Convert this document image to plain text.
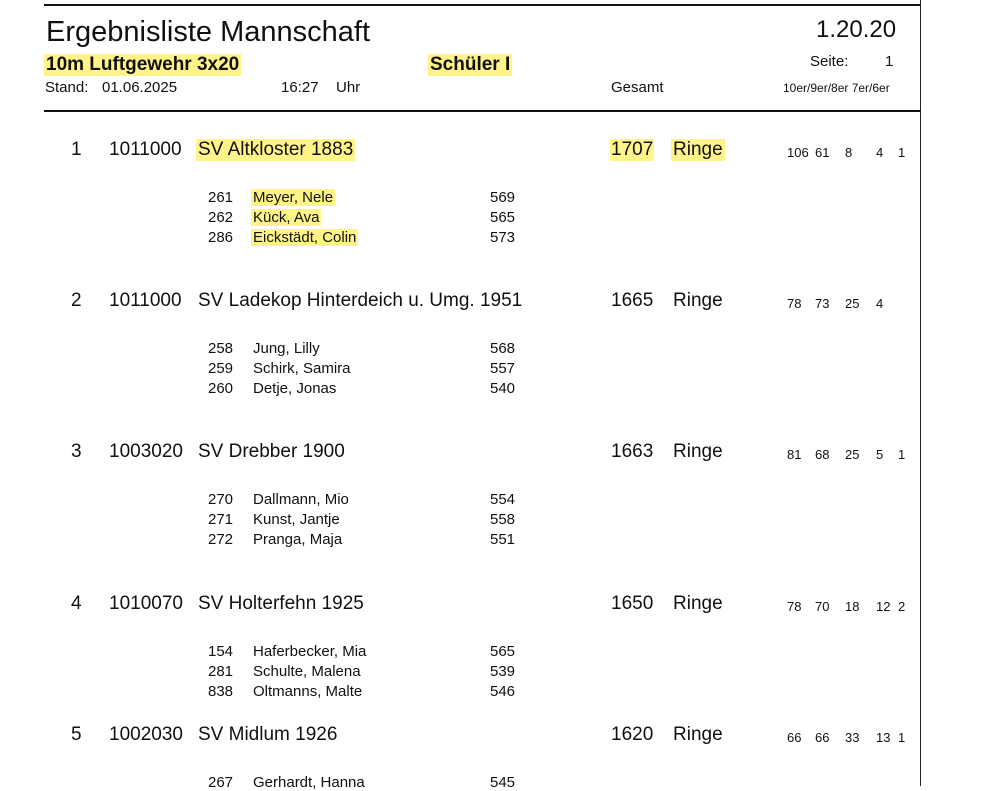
Ergebnisliste Mannschaft	1.20.20
10m Luftgewehr 3x20	Schüler I	Seite: 1
Stand: 01.06.2025	16:27 Uhr	Gesamt	10er/9er/8er 7er/6er
1 1011000 SV Altkloster 1883	1707 Ringe	106 61 8 4 1
261 Meyer, Nele	569
262 Kück, Ava	565
286 Eickstädt, Colin	573
2 1011000 SV Ladekop Hinterdeich u. Umg. 1951	1665 Ringe	78 73 25 4
258 Jung, Lilly	568
259 Schirk, Samira	557
260 Detje, Jonas	540
3 1003020 SV Drebber 1900	1663 Ringe	81 68 25 5 1
270 Dallmann, Mio	554
271 Kunst, Jantje	558
272 Pranga, Maja	551
4 1010070 SV Holterfehn 1925	1650 Ringe	78 70 18 12 2
154 Haferbecker, Mia	565
281 Schulte, Malena	539
838 Oltmanns, Malte	546
5 1002030 SV Midlum 1926	1620 Ringe	66 66 33 13 1
267 Gerhardt, Hanna	545
